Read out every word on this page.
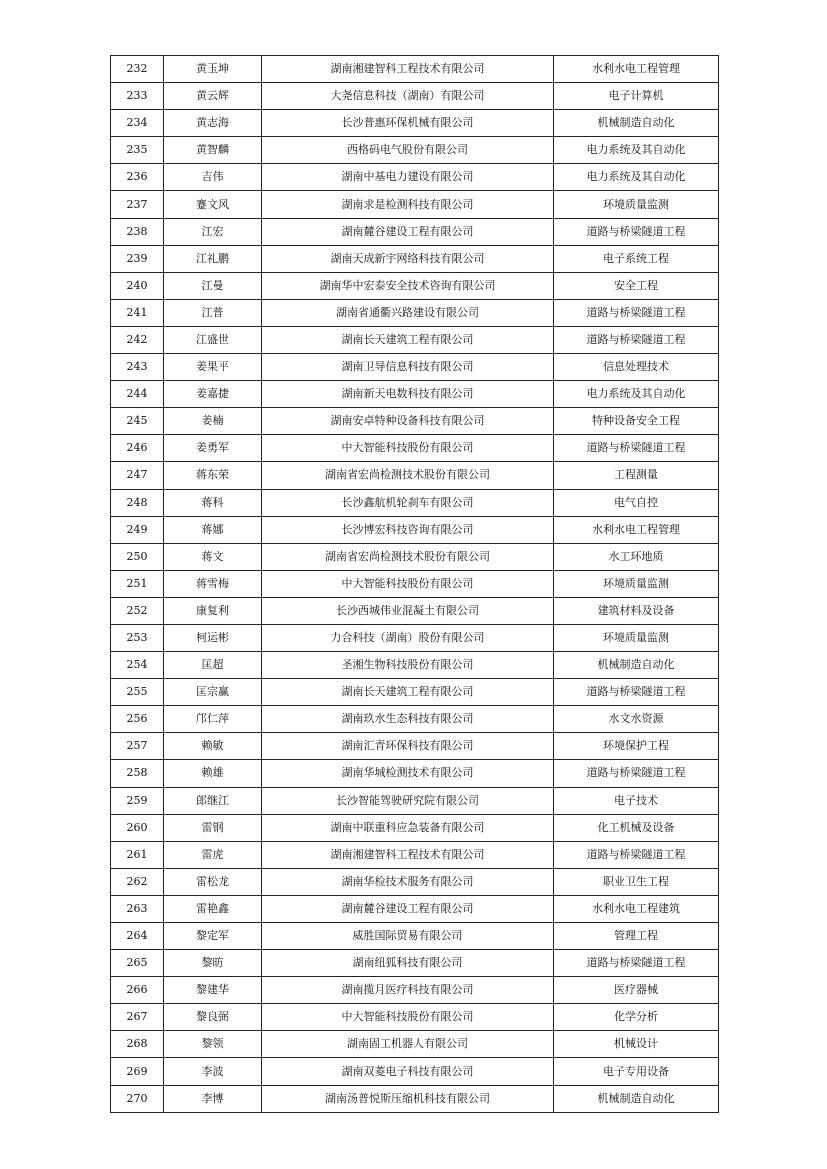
232	黄玉坤	湖南湘建智科工程技术有限公司	水利水电工程管理
233	黄云辉	大尧信息科技（湖南）有限公司	电子计算机
234	黄志海	长沙普惠环保机械有限公司	机械制造自动化
235	黄智麟	西格码电气股份有限公司	电力系统及其自动化
236	吉伟	湖南中基电力建设有限公司	电力系统及其自动化
237	蹇文风	湖南求是检测科技有限公司	环境质量监测
238	江宏	湖南麓谷建设工程有限公司	道路与桥梁隧道工程
239	江礼鹏	湖南天成新宇网络科技有限公司	电子系统工程
240	江曼	湖南华中宏泰安全技术咨询有限公司	安全工程
241	江普	湖南省通衢兴路建设有限公司	道路与桥梁隧道工程
242	江盛世	湖南长天建筑工程有限公司	道路与桥梁隧道工程
243	姜果平	湖南卫导信息科技有限公司	信息处理技术
244	姜嘉捷	湖南新天电数科技有限公司	电力系统及其自动化
245	姜楠	湖南安卓特种设备科技有限公司	特种设备安全工程
246	姜勇军	中大智能科技股份有限公司	道路与桥梁隧道工程
247	蒋东荣	湖南省宏尚检测技术股份有限公司	工程测量
248	蒋科	长沙鑫航机轮刹车有限公司	电气自控
249	蒋娜	长沙博宏科技咨询有限公司	水利水电工程管理
250	蒋文	湖南省宏尚检测技术股份有限公司	水工环地质
251	蒋雪梅	中大智能科技股份有限公司	环境质量监测
252	康复利	长沙西城伟业混凝土有限公司	建筑材料及设备
253	柯运彬	力合科技（湖南）股份有限公司	环境质量监测
254	匡超	圣湘生物科技股份有限公司	机械制造自动化
255	匡宗赢	湖南长天建筑工程有限公司	道路与桥梁隧道工程
256	邝仁萍	湖南玖水生态科技有限公司	水文水资源
257	赖敏	湖南汇青环保科技有限公司	环境保护工程
258	赖雄	湖南华城检测技术有限公司	道路与桥梁隧道工程
259	郎继江	长沙智能驾驶研究院有限公司	电子技术
260	雷钢	湖南中联重科应急装备有限公司	化工机械及设备
261	雷虎	湖南湘建智科工程技术有限公司	道路与桥梁隧道工程
262	雷松龙	湖南华检技术服务有限公司	职业卫生工程
263	雷艳鑫	湖南麓谷建设工程有限公司	水利水电工程建筑
264	黎定军	威胜国际贸易有限公司	管理工程
265	黎昉	湖南纽狐科技有限公司	道路与桥梁隧道工程
266	黎建华	湖南揽月医疗科技有限公司	医疗器械
267	黎良弼	中大智能科技股份有限公司	化学分析
268	黎领	湖南固工机器人有限公司	机械设计
269	李波	湖南双菱电子科技有限公司	电子专用设备
270	李博	湖南汤普悦斯压缩机科技有限公司	机械制造自动化
